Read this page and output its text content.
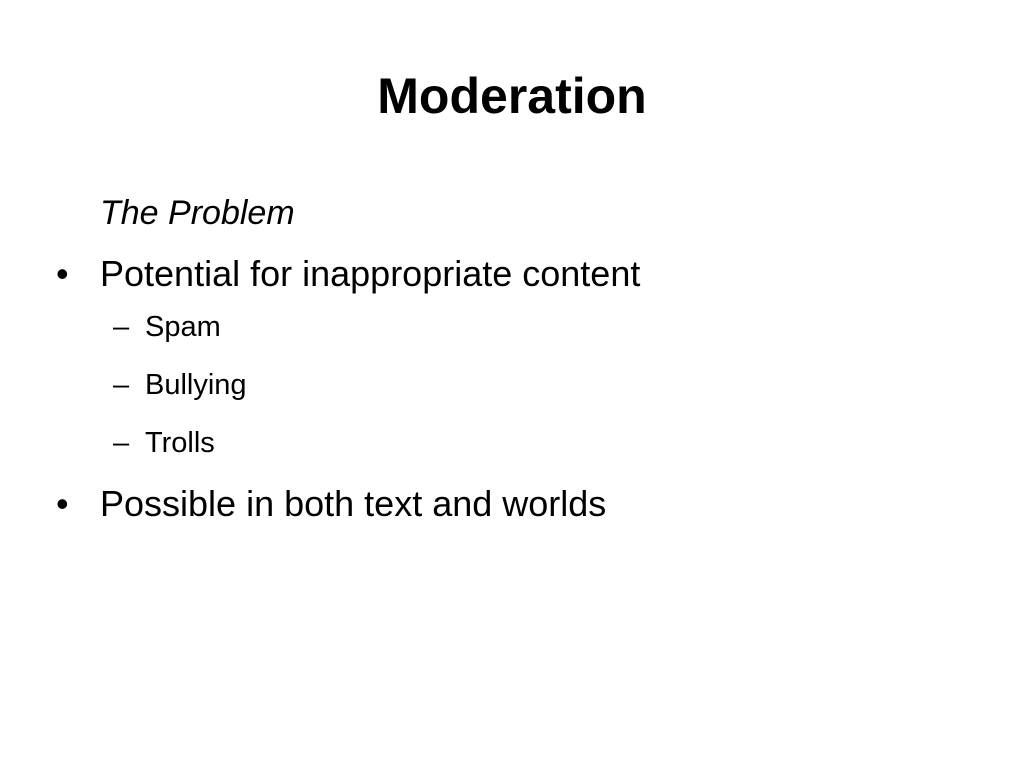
Moderation
The Problem
• Potential for inappropriate content
– Spam
– Bullying
– Trolls
• Possible in both text and worlds
